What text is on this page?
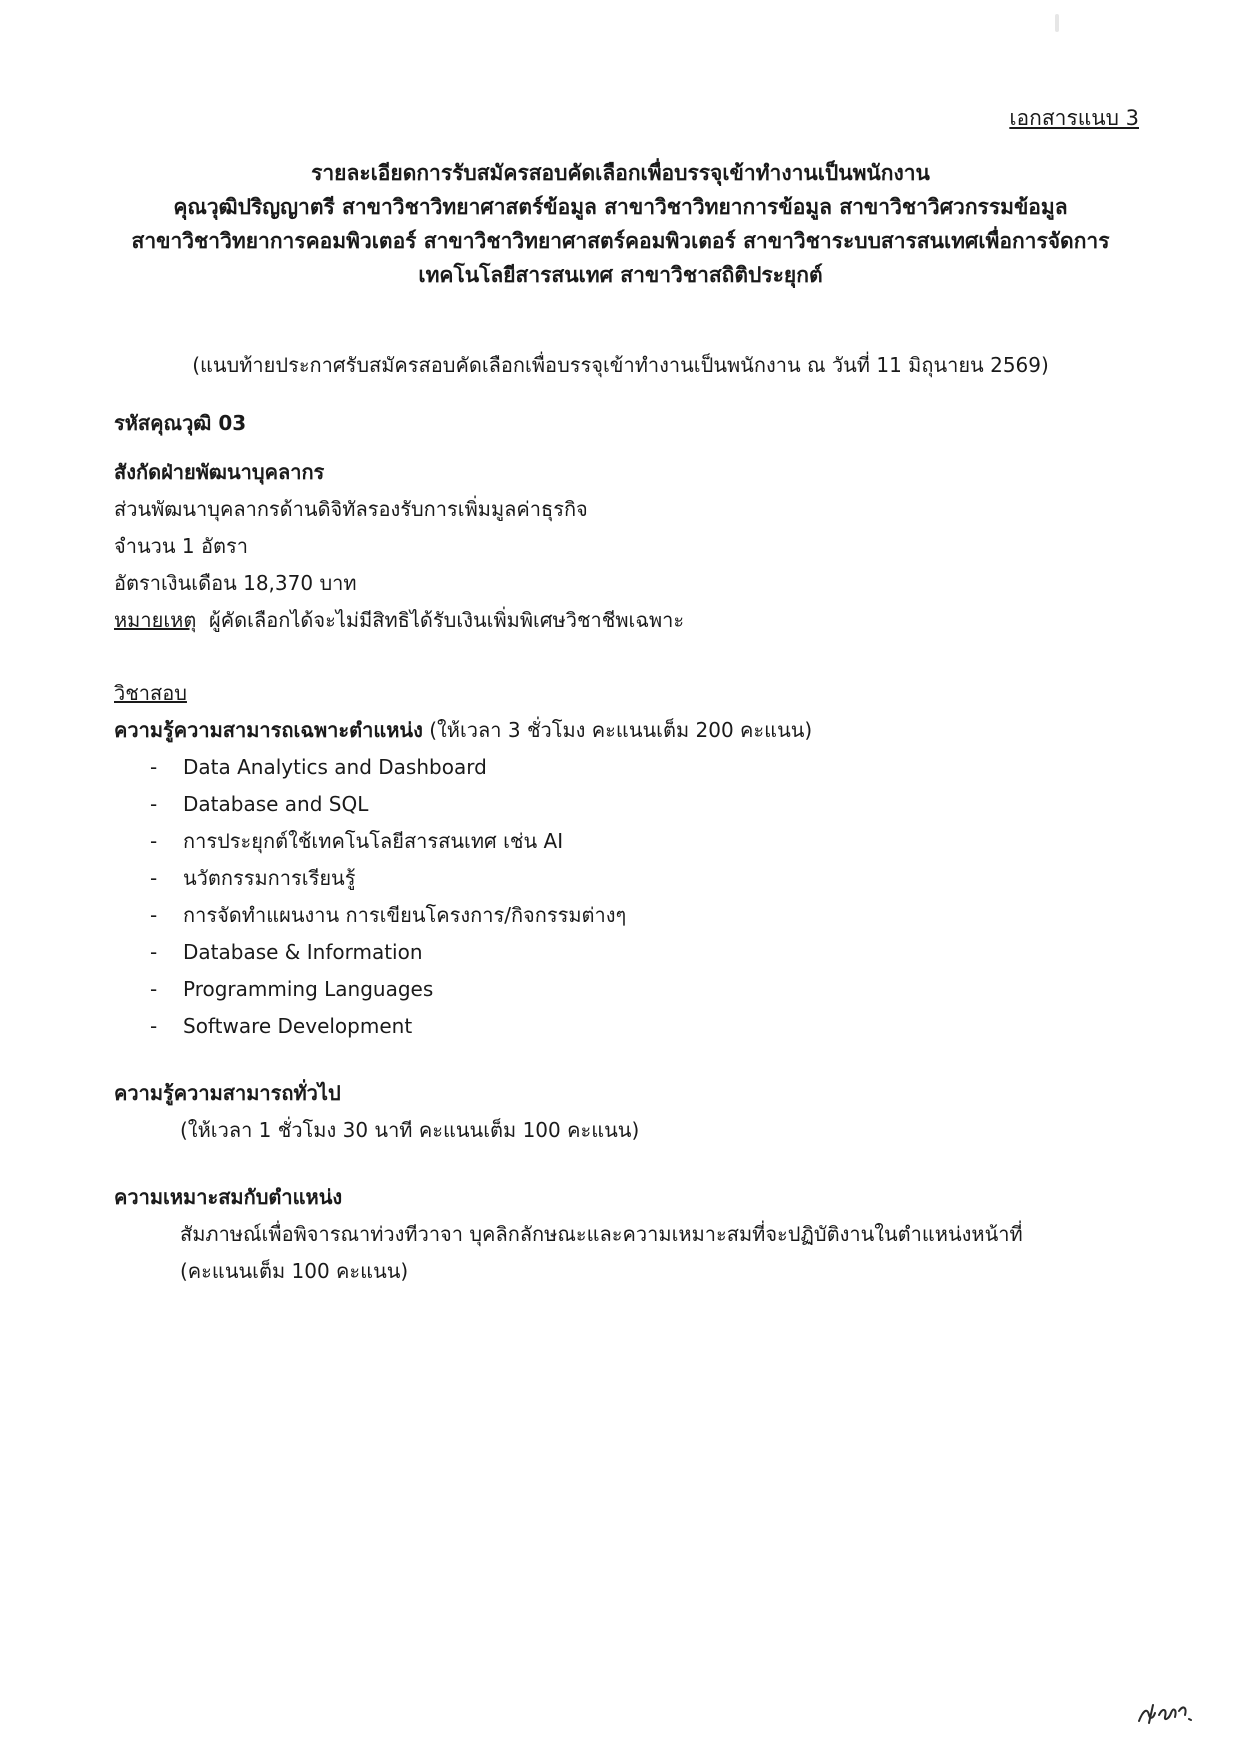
เอกสารแนบ 3
รายละเอียดการรับสมัครสอบคัดเลือกเพื่อบรรจุเข้าทำงานเป็นพนักงาน
คุณวุฒิปริญญาตรี สาขาวิชาวิทยาศาสตร์ข้อมูล สาขาวิชาวิทยาการข้อมูล สาขาวิชาวิศวกรรมข้อมูล
สาขาวิชาวิทยาการคอมพิวเตอร์ สาขาวิชาวิทยาศาสตร์คอมพิวเตอร์ สาขาวิชาระบบสารสนเทศเพื่อการจัดการ
เทคโนโลยีสารสนเทศ สาขาวิชาสถิติประยุกต์
(แนบท้ายประกาศรับสมัครสอบคัดเลือกเพื่อบรรจุเข้าทำงานเป็นพนักงาน ณ วันที่ 11 มิถุนายน 2569)
รหัสคุณวุฒิ 03
สังกัดฝ่ายพัฒนาบุคลากร
ส่วนพัฒนาบุคลากรด้านดิจิทัลรองรับการเพิ่มมูลค่าธุรกิจ
จำนวน 1 อัตรา
อัตราเงินเดือน 18,370 บาท
หมายเหตุ ผู้คัดเลือกได้จะไม่มีสิทธิได้รับเงินเพิ่มพิเศษวิชาชีพเฉพาะ
วิชาสอบ
ความรู้ความสามารถเฉพาะตำแหน่ง (ให้เวลา 3 ชั่วโมง คะแนนเต็ม 200 คะแนน)
-	Data Analytics and Dashboard
-	Database and SQL
-	การประยุกต์ใช้เทคโนโลยีสารสนเทศ เช่น AI
-	นวัตกรรมการเรียนรู้
-	การจัดทำแผนงาน การเขียนโครงการ/กิจกรรมต่างๆ
-	Database & Information
-	Programming Languages
-	Software Development
ความรู้ความสามารถทั่วไป
(ให้เวลา 1 ชั่วโมง 30 นาที คะแนนเต็ม 100 คะแนน)
ความเหมาะสมกับตำแหน่ง
สัมภาษณ์เพื่อพิจารณาท่วงทีวาจา บุคลิกลักษณะและความเหมาะสมที่จะปฏิบัติงานในตำแหน่งหน้าที่
(คะแนนเต็ม 100 คะแนน)
